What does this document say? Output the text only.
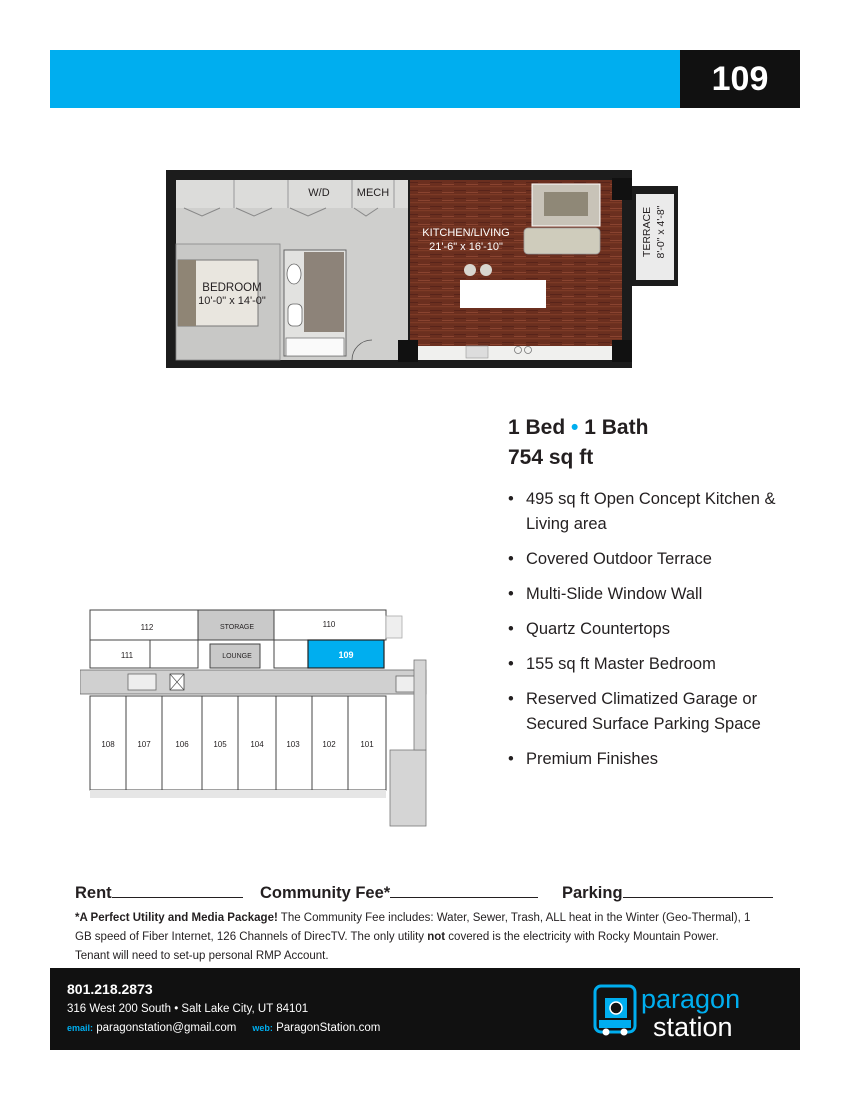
109
W/D MECH
BEDROOM
10'-0" x 14'-0"
KITCHEN/LIVING
21'-6" x 16'-10"	TERRACE 8'-0" x 4'-8"
112	STORAGE	110
111	LOUNGE	109
108	107	106	105	104	103	102	101
1 Bed • 1 Bath
754 sq ft
• 495 sq ft Open Concept Kitchen & Living area
• Covered Outdoor Terrace
• Multi-Slide Window Wall
• Quartz Countertops
• 155 sq ft Master Bedroom
• Reserved Climatized Garage or Secured Surface Parking Space
• Premium Finishes
Rent	Community Fee*	Parking

*A Perfect Utility and Media Package! The Community Fee includes: Water, Sewer, Trash, ALL heat in the Winter (Geo-Thermal), 1 GB speed of Fiber Internet, 126 Channels of DirecTV. The only utility not covered is the electricity with Rocky Mountain Power. Tenant will need to set-up personal RMP Account.

801.218.2873
316 West 200 South • Salt Lake City, UT 84101
email: paragonstation@gmail.com web: ParagonStation.com
paragon
station
